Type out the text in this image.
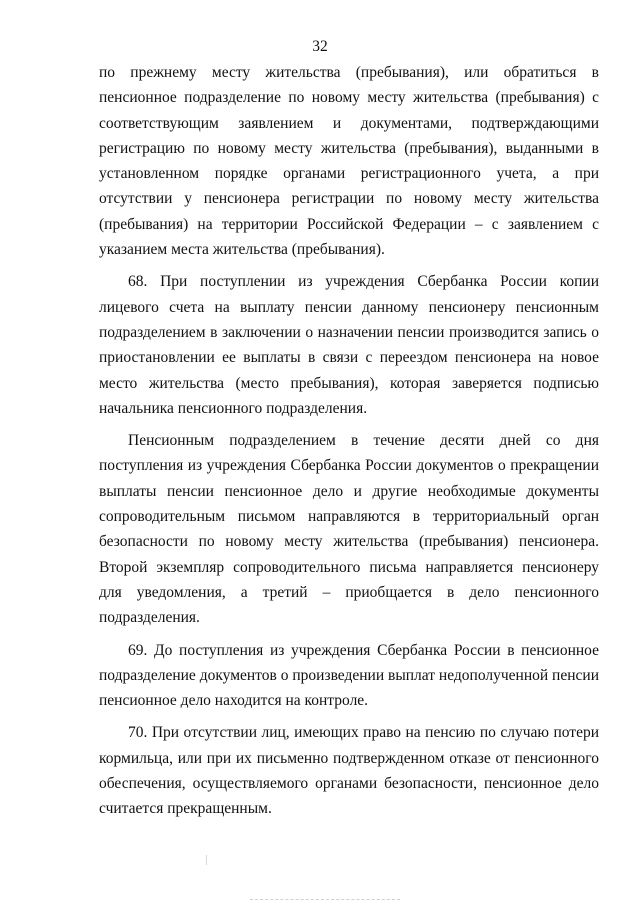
32

по прежнему месту жительства (пребывания), или обратиться в пенсионное подразделение по новому месту жительства (пребывания) с соответствующим заявлением и документами, подтверждающими регистрацию по новому месту жительства (пребывания), выданными в установленном порядке органами регистрационного учета, а при отсутствии у пенсионера регистрации по новому месту жительства (пребывания) на территории Российской Федерации – с заявлением с указанием места жительства (пребывания).

68. При поступлении из учреждения Сбербанка России копии лицевого счета на выплату пенсии данному пенсионеру пенсионным подразделением в заключении о назначении пенсии производится запись о приостановлении ее выплаты в связи с переездом пенсионера на новое место жительства (место пребывания), которая заверяется подписью начальника пенсионного подразделения.

Пенсионным подразделением в течение десяти дней со дня поступления из учреждения Сбербанка России документов о прекращении выплаты пенсии пенсионное дело и другие необходимые документы сопроводительным письмом направляются в территориальный орган безопасности по новому месту жительства (пребывания) пенсионера. Второй экземпляр сопроводительного письма направляется пенсионеру для уведомления, а третий – приобщается в дело пенсионного подразделения.

69. До поступления из учреждения Сбербанка России в пенсионное подразделение документов о произведении выплат недополученной пенсии пенсионное дело находится на контроле.

70. При отсутствии лиц, имеющих право на пенсию по случаю потери кормильца, или при их письменно подтвержденном отказе от пенсионного обеспечения, осуществляемого органами безопасности, пенсионное дело считается прекращенным.
